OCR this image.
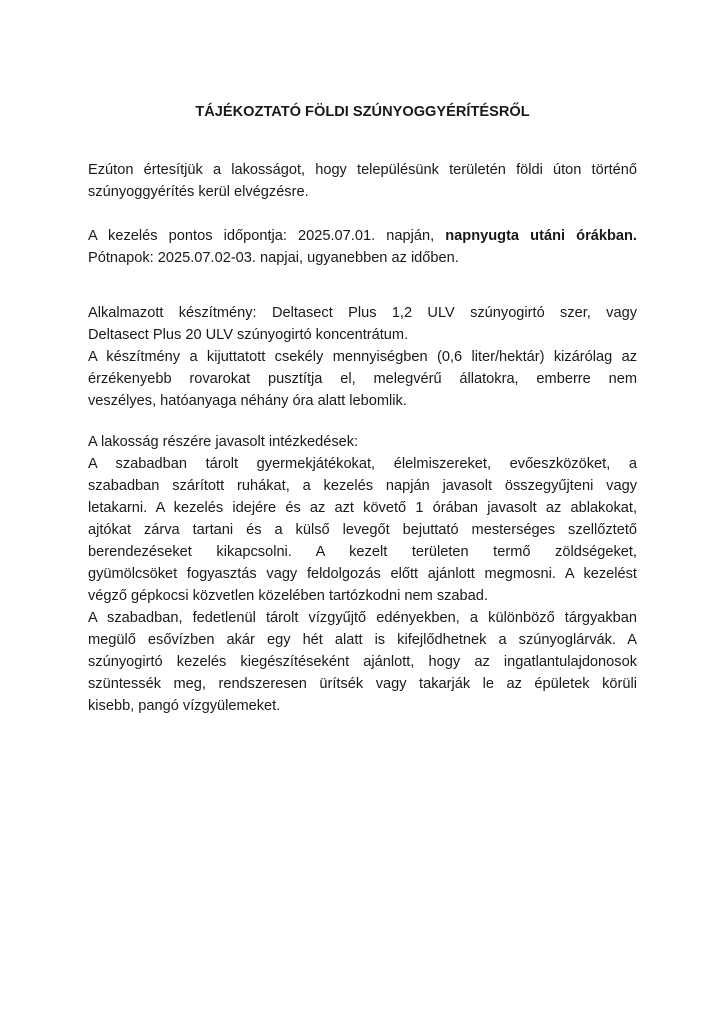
TÁJÉKOZTATÓ FÖLDI SZÚNYOGGYÉRÍTÉSRŐL
Ezúton értesítjük a lakosságot, hogy településünk területén földi úton történő
szúnyoggyérítés kerül elvégzésre.
A kezelés pontos időpontja: 2025.07.01. napján, napnyugta utáni órákban.
Pótnapok: 2025.07.02-03. napjai, ugyanebben az időben.
Alkalmazott készítmény: Deltasect Plus 1,2 ULV szúnyogirtó szer, vagy
Deltasect Plus 20 ULV szúnyogirtó koncentrátum.
A készítmény a kijuttatott csekély mennyiségben (0,6 liter/hektár) kizárólag az
érzékenyebb rovarokat pusztítja el, melegvérű állatokra, emberre nem
veszélyes, hatóanyaga néhány óra alatt lebomlik.
A lakosság részére javasolt intézkedések:
A szabadban tárolt gyermekjátékokat, élelmiszereket, evőeszközöket, a
szabadban szárított ruhákat, a kezelés napján javasolt összegyűjteni vagy
letakarni. A kezelés idejére és az azt követő 1 órában javasolt az ablakokat,
ajtókat zárva tartani és a külső levegőt bejuttató mesterséges szellőztető
berendezéseket kikapcsolni. A kezelt területen termő zöldségeket,
gyümölcsöket fogyasztás vagy feldolgozás előtt ajánlott megmosni. A kezelést
végző gépkocsi közvetlen közelében tartózkodni nem szabad.
A szabadban, fedetlenül tárolt vízgyűjtő edényekben, a különböző tárgyakban
megülő esővízben akár egy hét alatt is kifejlődhetnek a szúnyoglárvák. A
szúnyogirtó kezelés kiegészítéseként ajánlott, hogy az ingatlantulajdonosok
szüntessék meg, rendszeresen ürítsék vagy takarják le az épületek körüli
kisebb, pangó vízgyülemeket.
